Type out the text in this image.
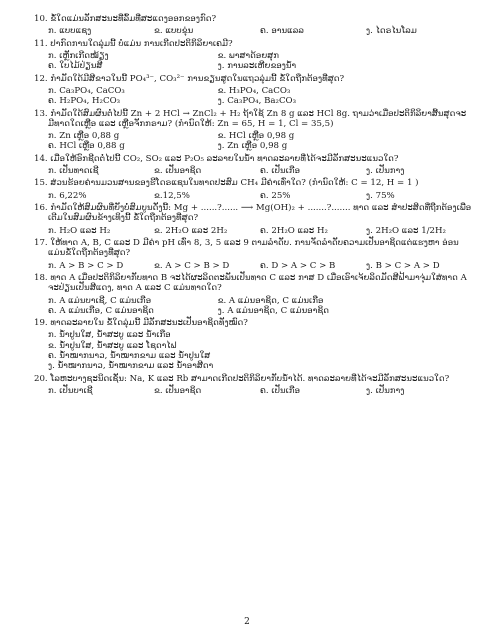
10. ຂໍ້ໃດແມ່ນລັກສະນະທີ່ລົ້ມທີ່ສະແດງອອກຂອງກົດ?
ກ. ແບບແຊງ	ຂ. ແບບຂຸ່ນ	ຄ. ອານແລລ	ງ. ໄດຣໄນໂລມ
11. ປາກົດການໃດລຸ່ມນີ້ ບໍ່ແມ່ນ ການເກີດປະຕິກິລິຍາເຄມີ?
ກ. ເຫຼັກເກີດໝ້ຽງ	ຂ. ພາສາດ້ອຍສຸກ
ຄ. ໃບໄມ້ປ່ຽນສີ	ງ. ການລະເຫີຍຂອງນ້ຳ
12. ກຳມັດໃດ້ມີສີຂາວໃນນີ້ PO₄³⁻, CO₃²⁻ ການຂຽນສູດໃນແຖວລຸ່ມນີ້ ຂໍ້ໃດຖືກຕ້ອງທີ່ສຸດ?
ກ. Ca₃PO₄, CaCO₃	ຂ. H₃PO₄, CaCO₃
ຄ. H₂PO₄, H₂CO₃	ງ. Ca₃PO₄, Ba₂CO₃
13. ກຳມັດໃດ້ສົມຜົນຕໍ່ໄປນີ້ Zn + 2 HCl → ZnCl₂ + H₂ ຖ້າໃຊ້ Zn 8 g ແລະ HCl 8g. ຖາມວ່າເມື່ອປະຕິກິລິຍາສິ້ນສຸດຈະມີທາດໃດເຫຼືອ ແລະ ເຫຼືອຈັກກຣາມ? (ກຳນົດໃຫ້: Zn = 65, H = 1, Cl = 35,5)
ກ. Zn ເຫຼືອ 0,88 g	ຂ. HCl ເຫຼືອ 0,98 g
ຄ. HCl ເຫຼືອ 0,88 g	ງ. Zn ເຫຼືອ 0,98 g
14. ເມື່ອໃຫ້ອົກຊີດຕໍ່ໄປນີ້ CO₂, SO₂ ແລະ P₂O₅ ລະລາຍໃນນ້ຳ ທາດລະລາຍທີ່ໄດ້ຈະມີລັກສະນະແນວໃດ?
ກ. ເປັນທາດເຊີ	ຂ. ເປັນອາຊິດ	ຄ. ເປັນເກືອ	ງ. ເປັນກາງ
15. ສ່ວນຮ້ອຍຄ່ານມວນສານຂອງຮີໂດຣແຊນໃນທາດປະສົມ CH₄ ມີຄ່າເທົ່າໃດ? (ກຳນົດໃຫ້: C = 12, H = 1 )
ກ. 6,22%	ຂ.12,5%	ຄ. 25%	ງ. 75%
16. ກຳມັດໃຫ້ສົມຜົນທີ່ຍັງບໍ່ສົມບູນດັ່ງນີ້: Mg + ......?...... ⟶ Mg(OH)₂ + .......?....... ທາດ ແລະ ສຳປະສິດທີ່ຖືກຕ້ອງເພື່ອເຕີມໃນສົມຜົນຂ້າງເທິງນີ້ ຂໍ້ໃດຖືກຕ້ອງທີ່ສຸດ?
ກ. H₂O ແລະ H₂	ຂ. 2H₂O ແລະ 2H₂	ຄ. 2H₂O ແລະ H₂	ງ. 2H₂O ແລະ 1/2H₂
17. ໃຫ້ທາດ A, B, C ແລະ D ມີຄ່າ pH ເທົ່າ 8, 3, 5 ແລະ 9 ຕາມລຳດັບ. ການຈັດລຳດັບຄວາມເປັນອາຊິດແຕ່ແຮງຫາ ອ່ອນແມ່ນຂໍ້ໃດຖືກຕ້ອງທີ່ສຸດ?
ກ. A > B > C > D	ຂ. A > C > B > D	ຄ. D > A > C > B	ງ. B > C > A > D
18. ທາດ A ເມື່ອປະຕິກິລິຍາກັບທາດ B ຈະໄດ້ຜະລິດຕະພັນເປັນທາດ C ແລະ ກາສ D ເມື່ອເອົາເຈ້ຍລິດມັດສີຟ້າມາຈຸ່ມໃສ່ທາດ A ຈະປ່ຽນເປັນສີແດງ, ທາດ A ແລະ C ແມ່ນທາດໃດ?
ກ. A ແມ່ນບາເຊີ, C ແມ່ນເກືອ	ຂ. A ແມ່ນອາຊິດ, C ແມ່ນເກືອ
ຄ. A ແມ່ນເກືອ, C ແມ່ນອາຊິດ	ງ. A ແມ່ນອາຊິດ, C ແມ່ນອາຊິດ
19. ທາດລະລາຍໃນ ຂໍ້ໃດລຸ່ມນີ້ ມີລັກສະນະເປັນອາຊິດທັງໝົດ?
ກ. ນ້ຳປູນໃສ, ນ້ຳສະບູ ແລະ ນ້ຳເກືອ
ຂ. ນ້ຳປູນໃສ, ນ້ຳສະບູ ແລະ ໂຊດາໄຟ
ຄ. ນ້ຳໝາກນາວ, ນ້ຳໝາກຂາມ ແລະ ນ້ຳປູນໃສ
ງ. ນ້ຳໝາກນາວ, ນ້ຳໝາກຂາມ ແລະ ນ້ຳອາສີດາ
20. ໂລຫະບາງຊະນິດເຊັ່ນ: Na, K ແລະ Rb ສາມາດເກີດປະຕິກິລິຍາກັບນ້ຳໄດ້. ທາດລະລາຍທີ່ໄດ້ຈະມີລັກສະນະແນວໃດ?
ກ. ເປັນບາເຊີ	ຂ. ເປັນອາຊິດ	ຄ. ເປັນເກືອ	ງ. ເປັນກາງ
2
